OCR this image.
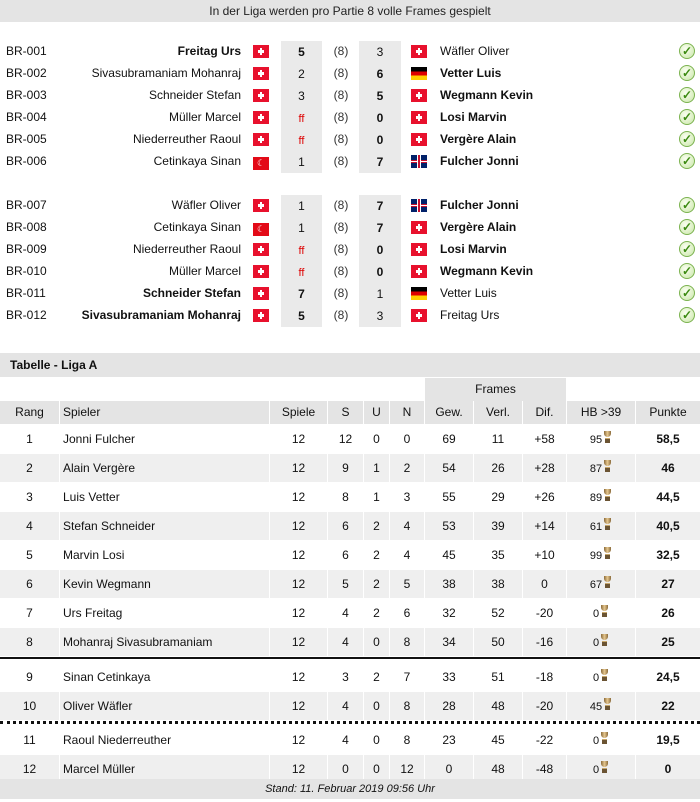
In der Liga werden pro Partie 8 volle Frames gespielt
BR-001	Freitag Urs	5	(8)	3	Wäfler Oliver	✓
BR-002	Sivasubramaniam Mohanraj	2	(8)	6	Vetter Luis	✓
BR-003	Schneider Stefan	3	(8)	5	Wegmann Kevin	✓
BR-004	Müller Marcel	ff	(8)	0	Losi Marvin	✓
BR-005	Niederreuther Raoul	ff	(8)	0	Vergère Alain	✓
BR-006	Cetinkaya Sinan	☾	1	(8)	7	Fulcher Jonni	✓
BR-007	Wäfler Oliver	1	(8)	7	Fulcher Jonni	✓
BR-008	Cetinkaya Sinan	☾	1	(8)	7	Vergère Alain	✓
BR-009	Niederreuther Raoul	ff	(8)	0	Losi Marvin	✓
BR-010	Müller Marcel	ff	(8)	0	Wegmann Kevin	✓
BR-011	Schneider Stefan	7	(8)	1	Vetter Luis	✓
BR-012	Sivasubramaniam Mohanraj	5	(8)	3	Freitag Urs	✓
Tabelle - Liga A
Frames
Rang	Spieler	Spiele	S	U	N	Gew.	Verl.	Dif.	HB >39	Punkte
1	Jonni Fulcher	12	12	0	0	69	11	+58	95	58,5
2	Alain Vergère	12	9	1	2	54	26	+28	87	46
3	Luis Vetter	12	8	1	3	55	29	+26	89	44,5
4	Stefan Schneider	12	6	2	4	53	39	+14	61	40,5
5	Marvin Losi	12	6	2	4	45	35	+10	99	32,5
6	Kevin Wegmann	12	5	2	5	38	38	0	67	27
7	Urs Freitag	12	4	2	6	32	52	-20	0	26
8	Mohanraj Sivasubramaniam	12	4	0	8	34	50	-16	0	25
9	Sinan Cetinkaya	12	3	2	7	33	51	-18	0	24,5
10	Oliver Wäfler	12	4	0	8	28	48	-20	45	22
11	Raoul Niederreuther	12	4	0	8	23	45	-22	0	19,5
12	Marcel Müller	12	0	0	12	0	48	-48	0	0
Stand: 11. Februar 2019 09:56 Uhr
